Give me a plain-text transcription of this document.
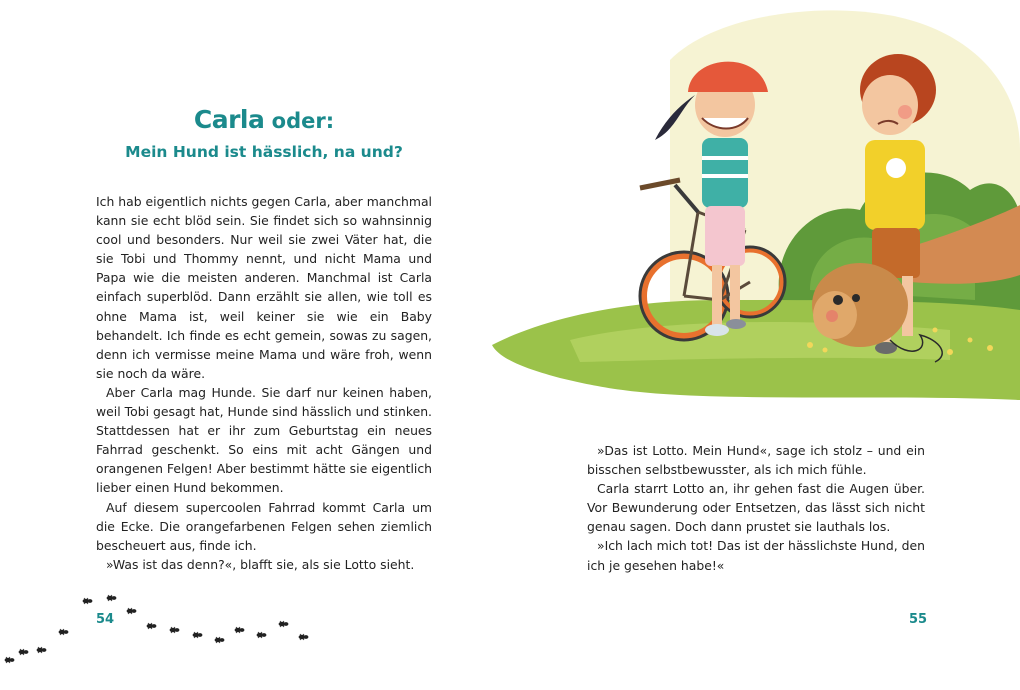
Carla oder:
Mein Hund ist hässlich, na und?

Ich hab eigentlich nichts gegen Carla, aber manchmal kann sie echt blöd sein. Sie findet sich so wahnsinnig cool und besonders. Nur weil sie zwei Väter hat, die sie Tobi und Thommy nennt, und nicht Mama und Papa wie die meisten anderen. Manchmal ist Carla einfach superblöd. Dann erzählt sie allen, wie toll es ohne Mama ist, weil keiner sie wie ein Baby behandelt. Ich finde es echt gemein, sowas zu sagen, denn ich vermisse meine Mama und wäre froh, wenn sie noch da wäre.

Aber Carla mag Hunde. Sie darf nur keinen haben, weil Tobi gesagt hat, Hunde sind hässlich und stinken. Stattdessen hat er ihr zum Geburtstag ein neues Fahrrad geschenkt. So eins mit acht Gängen und orangenen Felgen! Aber bestimmt hätte sie eigentlich lieber einen Hund bekommen.

Auf diesem supercoolen Fahrrad kommt Carla um die Ecke. Die orangefarbenen Felgen sehen ziemlich bescheuert aus, finde ich.

»Was ist das denn?«, blafft sie, als sie Lotto sieht.

54	55

»Das ist Lotto. Mein Hund«, sage ich stolz – und ein bisschen selbstbewusster, als ich mich fühle.

Carla starrt Lotto an, ihr gehen fast die Augen über. Vor Bewunderung oder Entsetzen, das lässt sich nicht genau sagen. Doch dann prustet sie lauthals los.

»Ich lach mich tot! Das ist der hässlichste Hund, den ich je gesehen habe!«
